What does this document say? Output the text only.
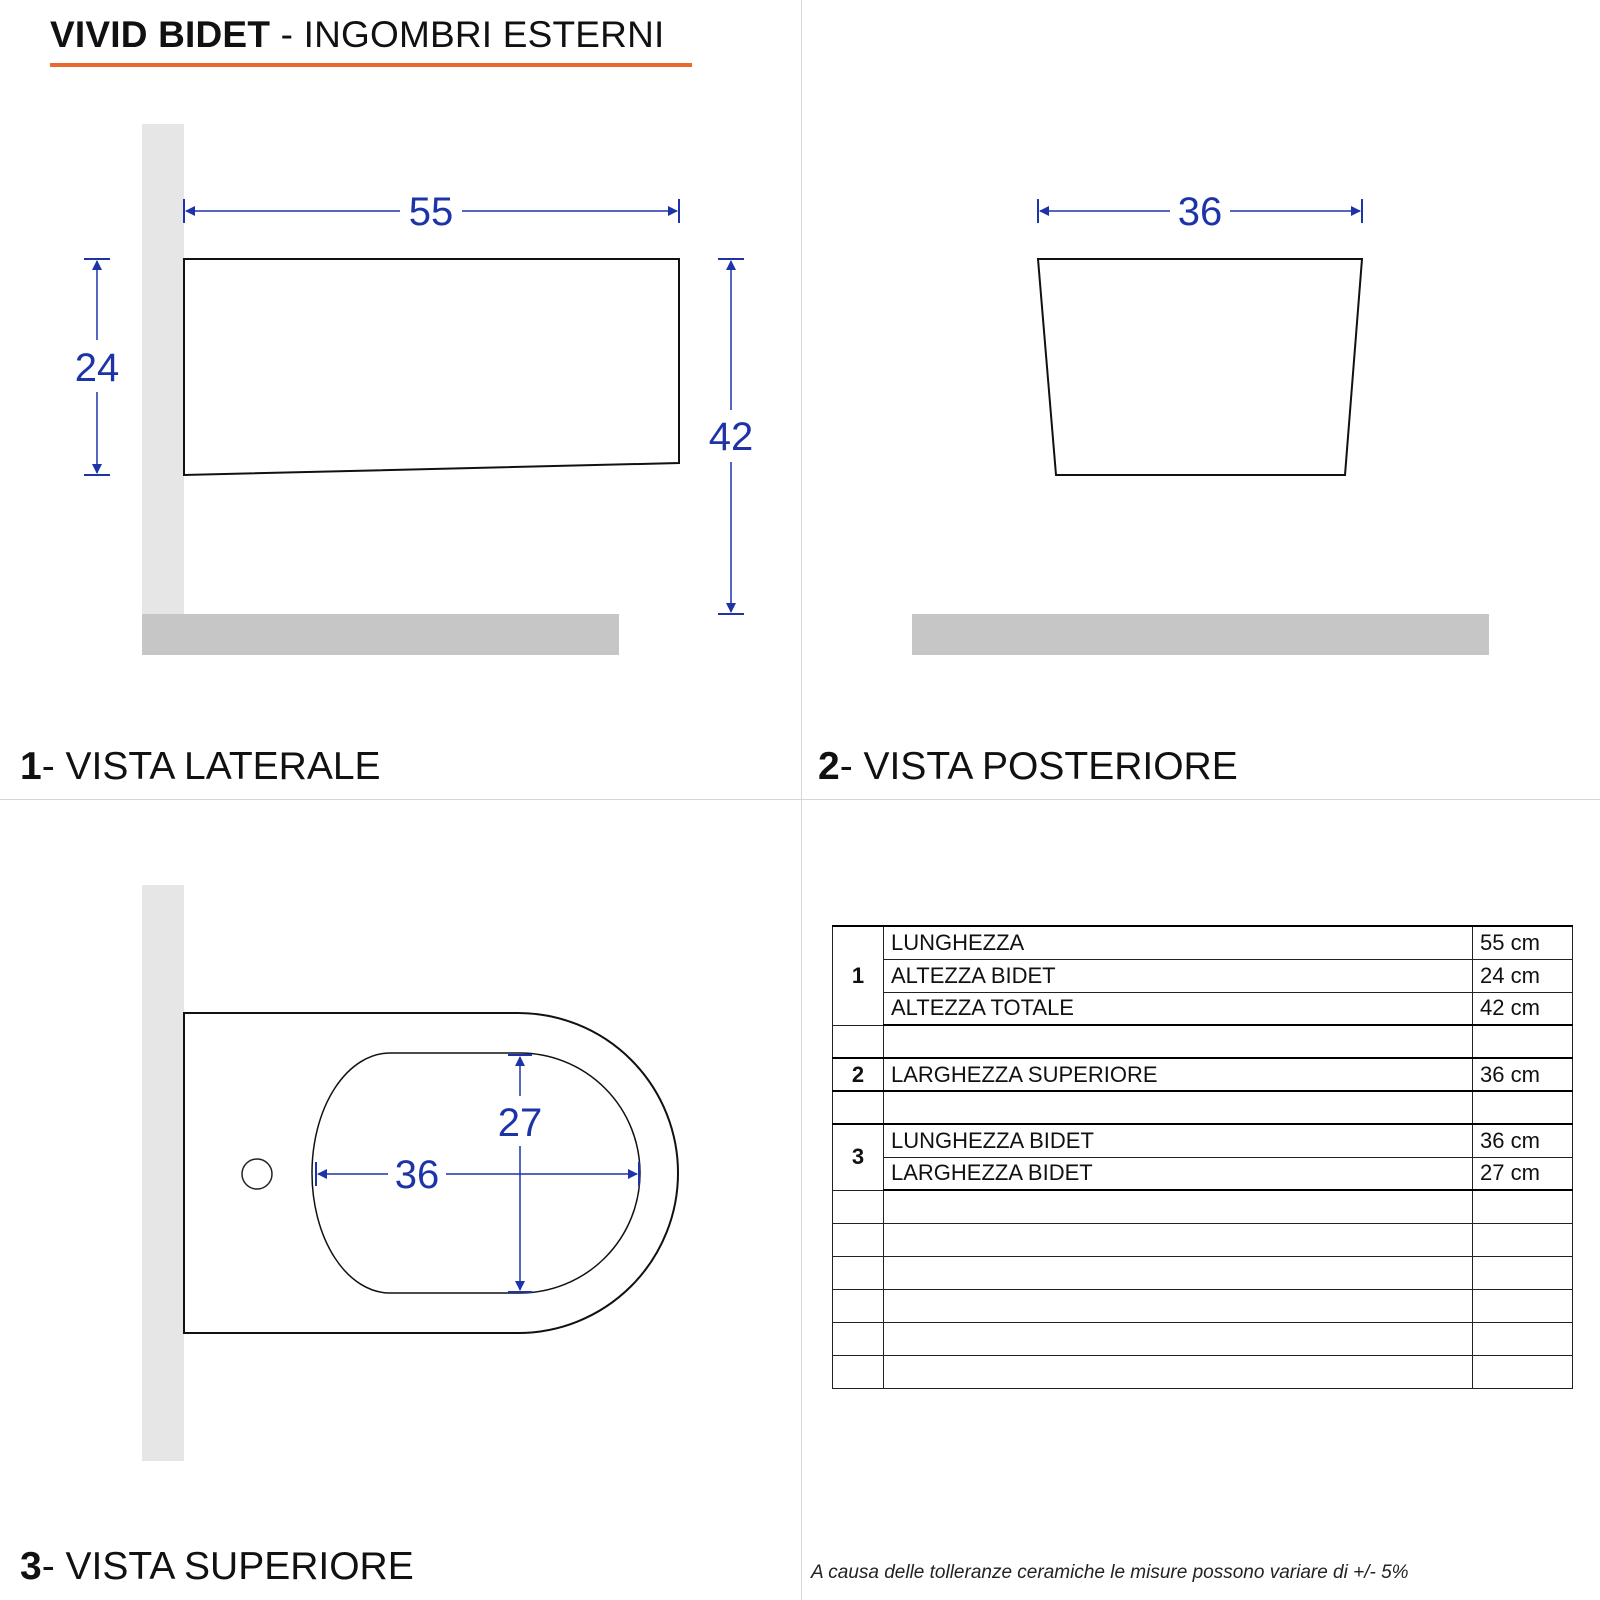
VIVID BIDET - INGOMBRI ESTERNI
55
24
42
36
36
27
1- VISTA LATERALE	2- VISTA POSTERIORE
3- VISTA SUPERIORE
1	LUNGHEZZA	55 cm
	ALTEZZA BIDET	24 cm
	ALTEZZA TOTALE	42 cm

2	LARGHEZZA SUPERIORE	36 cm

3	LUNGHEZZA BIDET	36 cm
	LARGHEZZA BIDET	27 cm

A causa delle tolleranze ceramiche le misure possono variare di +/- 5%
